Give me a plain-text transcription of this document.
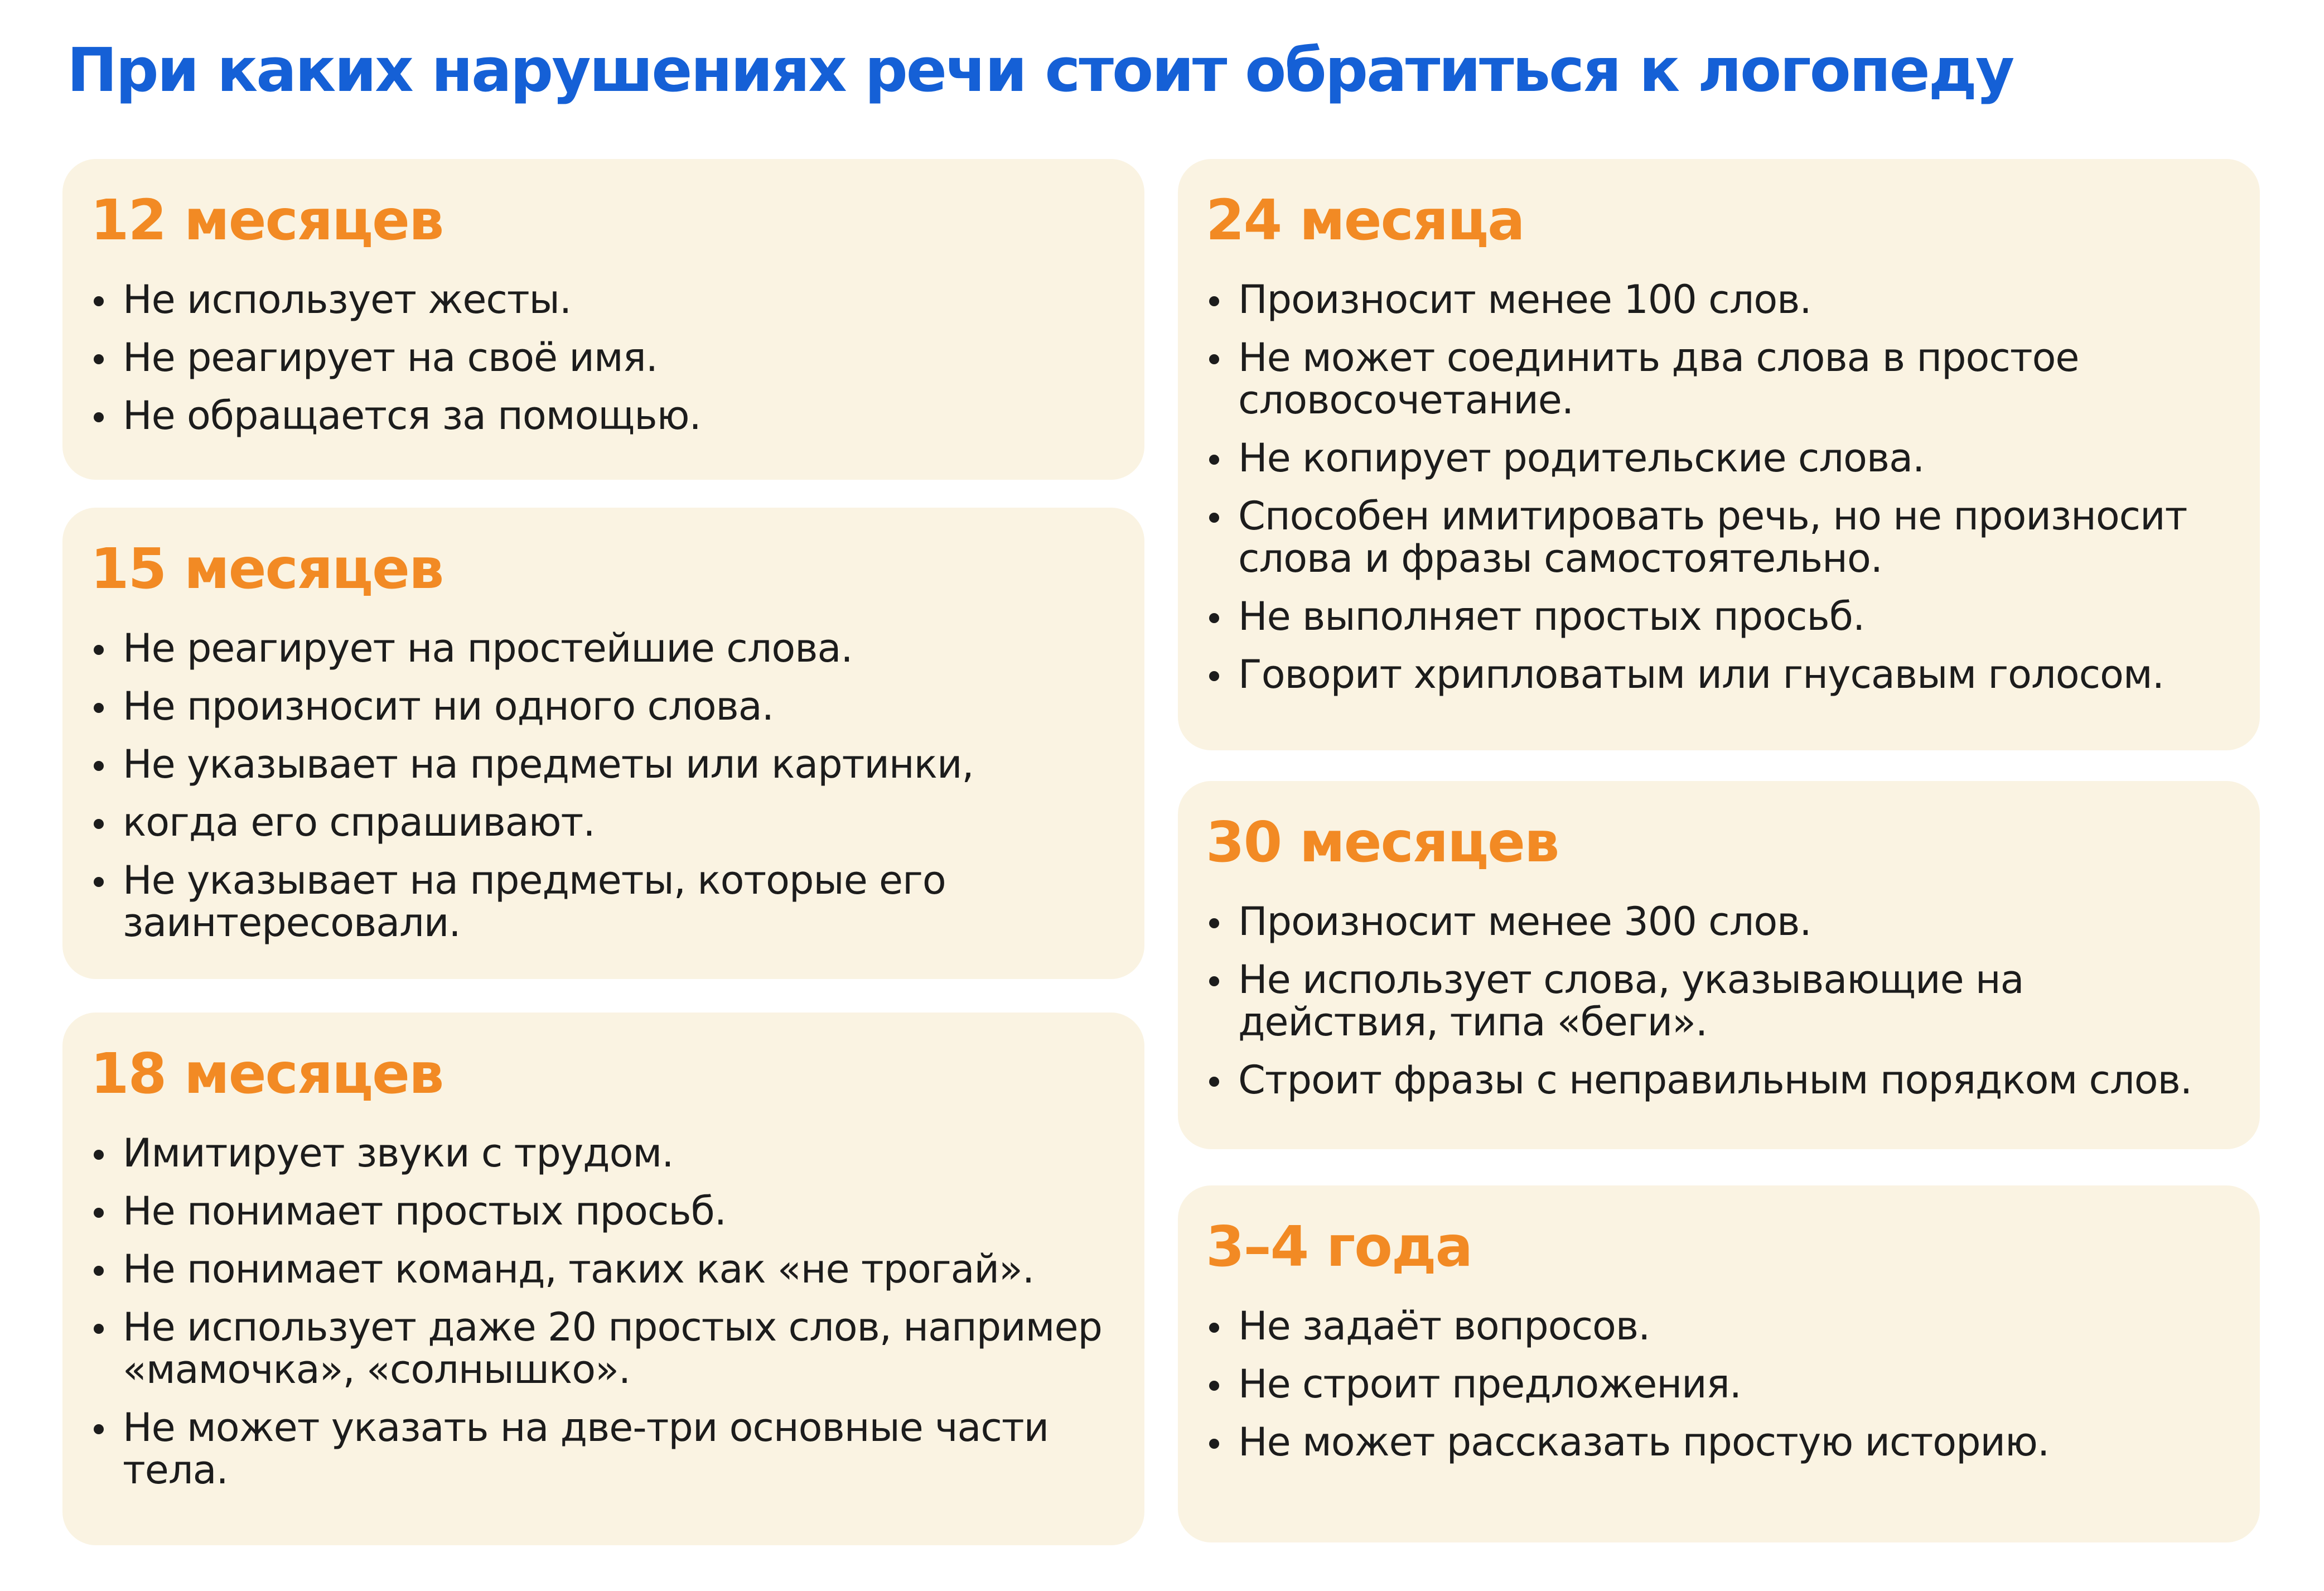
При каких нарушениях речи стоит обратиться к логопеду
12 месяцев
Не использует жесты.
Не реагирует на своё имя.
Не обращается за помощью.
15 месяцев
Не реагирует на простейшие слова.
Не произносит ни одного слова.
Не указывает на предметы или картинки,
когда его спрашивают.
Не указывает на предметы, которые его заинтересовали.
18 месяцев
Имитирует звуки с трудом.
Не понимает простых просьб.
Не понимает команд, таких как «не трогай».
Не использует даже 20 простых слов, например «мамочка», «солнышко».
Не может указать на две-три основные части тела.
24 месяца
Произносит менее 100 слов.
Не может соединить два слова в простое словосочетание.
Не копирует родительские слова.
Способен имитировать речь, но не произносит слова и фразы самостоятельно.
Не выполняет простых просьб.
Говорит хрипловатым или гнусавым голосом.
30 месяцев
Произносит менее 300 слов.
Не использует слова, указывающие на действия, типа «беги».
Строит фразы с неправильным порядком слов.
3–4 года
Не задаёт вопросов.
Не строит предложения.
Не может рассказать простую историю.
